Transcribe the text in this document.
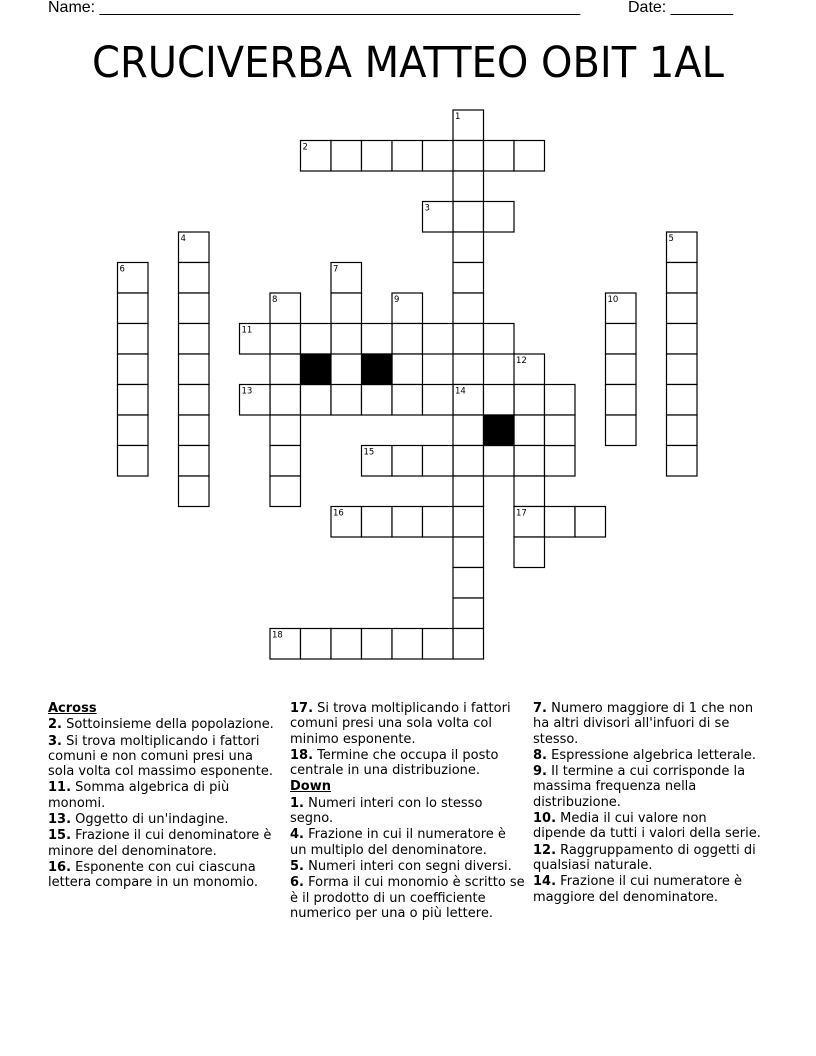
Name: ______________________________________________________	Date: _______
CRUCIVERBA MATTEO OBIT 1AL
1
2
3
4	5
6	7
8	9	10
11
12
13	14
15
16	17
18

Across

2. Sottoinsieme della popolazione.

3. Si trova moltiplicando i fattori comuni e non comuni presi una sola volta col massimo esponente.

11. Somma algebrica di più monomi.

13. Oggetto di un'indagine.

15. Frazione il cui denominatore è minore del denominatore.

16. Esponente con cui ciascuna lettera compare in un monomio.

17. Si trova moltiplicando i fattori comuni presi una sola volta col minimo esponente.

18. Termine che occupa il posto centrale in una distribuzione.

Down

1. Numeri interi con lo stesso segno.

4. Frazione in cui il numeratore è un multiplo del denominatore.

5. Numeri interi con segni diversi.

6. Forma il cui monomio è scritto se è il prodotto di un coefficiente numerico per una o più lettere.

7. Numero maggiore di 1 che non ha altri divisori all'infuori di se stesso.

8. Espressione algebrica letterale.

9. Il termine a cui corrisponde la massima frequenza nella distribuzione.

10. Media il cui valore non dipende da tutti i valori della serie.

12. Raggruppamento di oggetti di qualsiasi naturale.

14. Frazione il cui numeratore è maggiore del denominatore.
